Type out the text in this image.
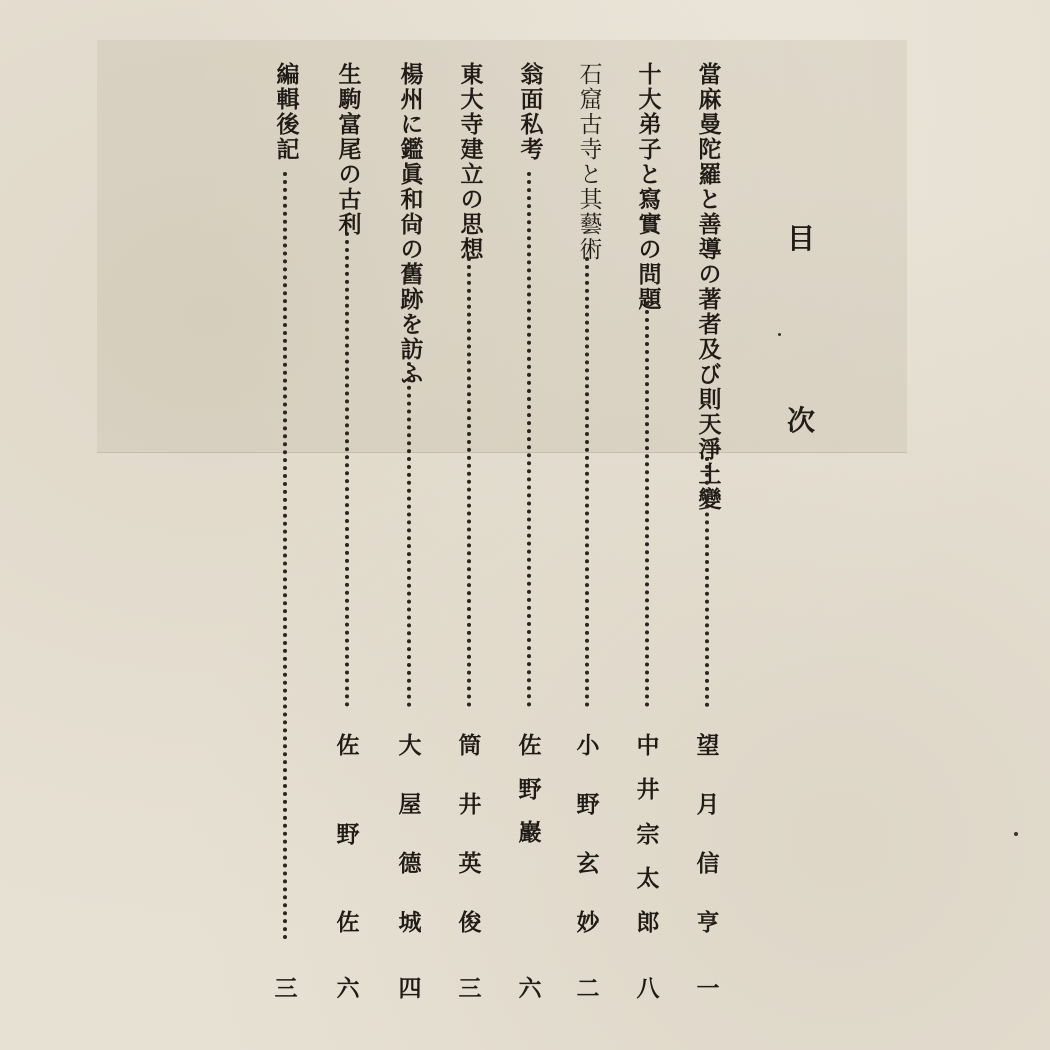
目
次
當麻曼陀羅と善導の著者及び則天淨土變
望
月
信
亨
一
十大弟子と寫實の問題
中
井
宗
太
郎
八
石窟古寺と其藝術
小
野
玄
妙
二
翁面私考
佐
野
巖
六
東大寺建立の思想
筒
井
英
俊
三
楊州に鑑眞和尙の舊跡を訪ふ
大
屋
德
城
四
生駒富尾の古利
佐
野
佐
六
編輯後記
三
